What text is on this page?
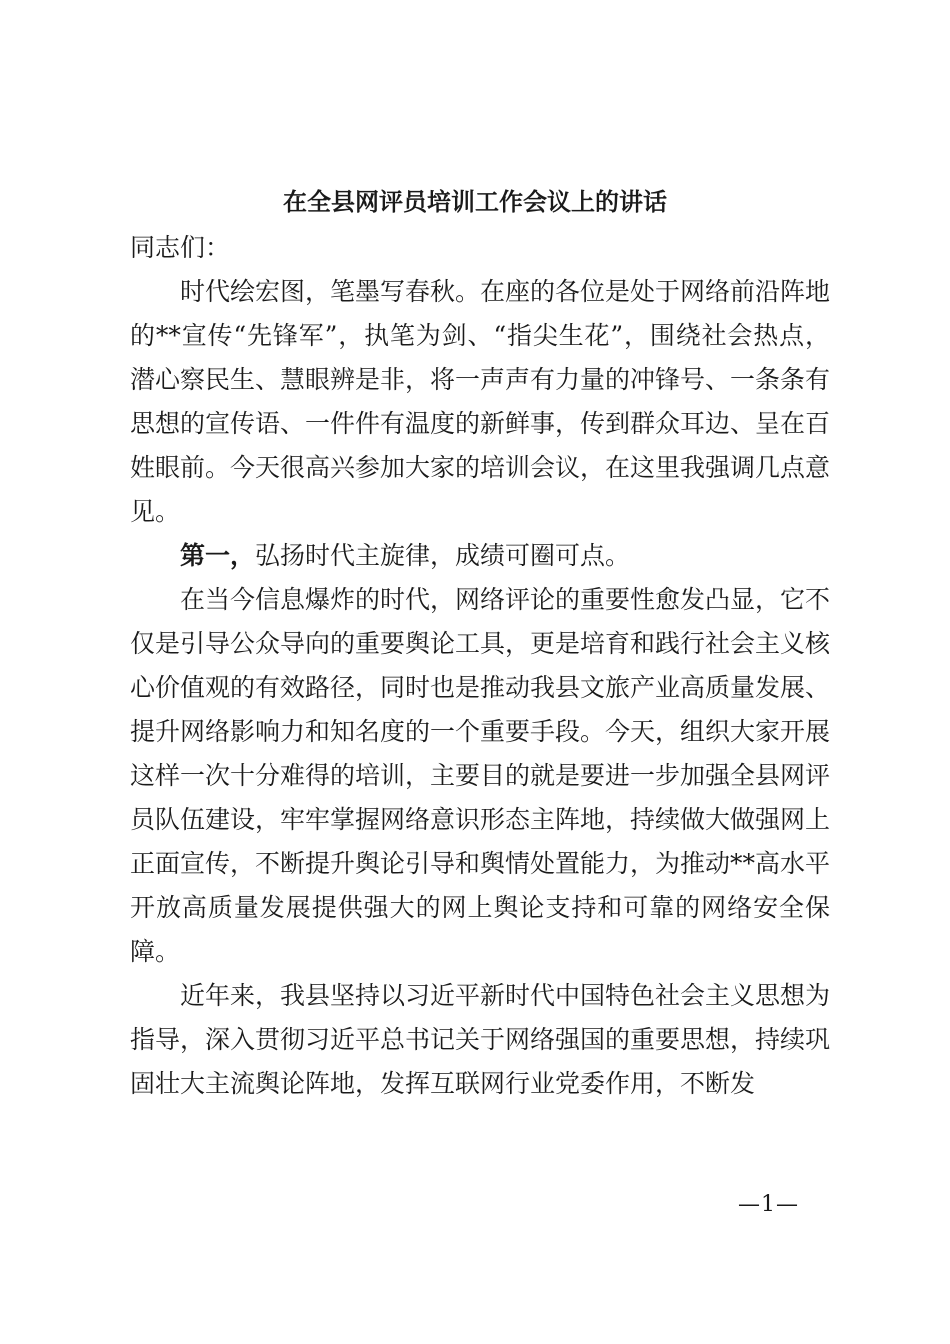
在全县网评员培训工作会议上的讲话

同志们：

时代绘宏图，笔墨写春秋。在座的各位是处于网络前沿阵地的**宣传“先锋军”，执笔为剑、“指尖生花”，围绕社会热点，潜心察民生、慧眼辨是非，将一声声有力量的冲锋号、一条条有思想的宣传语、一件件有温度的新鲜事，传到群众耳边、呈在百姓眼前。今天很高兴参加大家的培训会议，在这里我强调几点意见。

第一，弘扬时代主旋律，成绩可圈可点。

在当今信息爆炸的时代，网络评论的重要性愈发凸显，它不仅是引导公众导向的重要舆论工具，更是培育和践行社会主义核心价值观的有效路径，同时也是推动我县文旅产业高质量发展、提升网络影响力和知名度的一个重要手段。今天，组织大家开展这样一次十分难得的培训，主要目的就是要进一步加强全县网评员队伍建设，牢牢掌握网络意识形态主阵地，持续做大做强网上正面宣传，不断提升舆论引导和舆情处置能力，为推动**高水平开放高质量发展提供强大的网上舆论支持和可靠的网络安全保障。

近年来，我县坚持以习近平新时代中国特色社会主义思想为指导，深入贯彻习近平总书记关于网络强国的重要思想，持续巩固壮大主流舆论阵地，发挥互联网行业党委作用，不断发

—1—
